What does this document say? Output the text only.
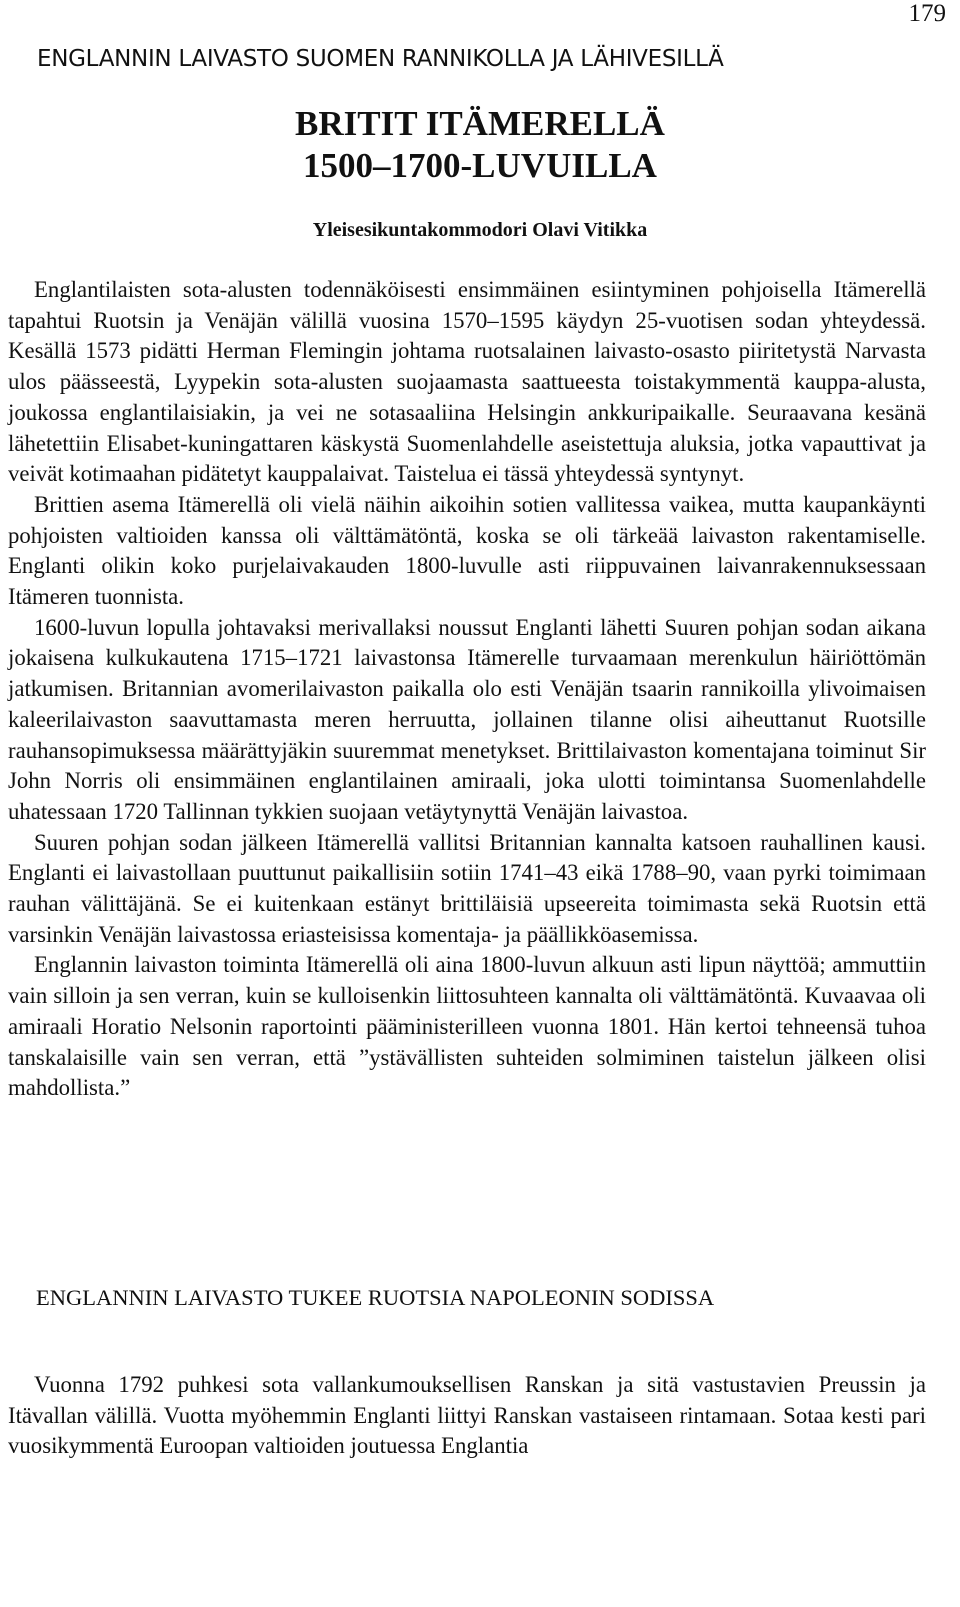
179
ENGLANNIN LAIVASTO SUOMEN RANNIKOLLA JA LÄHIVESILLÄ
BRITIT ITÄMERELLÄ
1500–1700-LUVUILLA
Yleisesikuntakommodori Olavi Vitikka

Englantilaisten sota-alusten todennäköisesti ensimmäinen esiintyminen pohjoisella Itämerellä tapahtui Ruotsin ja Venäjän välillä vuosina 1570–1595 käydyn 25-vuotisen sodan yhteydessä. Kesällä 1573 pidätti Herman Flemingin johtama ruotsalainen laivasto-osasto piiritetystä Narvasta ulos päässeestä, Lyypekin sota-alusten suojaamasta saattueesta toistakymmentä kauppa-alusta, joukossa englantilaisiakin, ja vei ne sotasaaliina Helsingin ankkuripaikalle. Seuraavana kesänä lähetettiin Elisabet-kuningattaren käskystä Suomenlahdelle aseistettuja aluksia, jotka vapauttivat ja veivät kotimaahan pidätetyt kauppalaivat. Taistelua ei tässä yhteydessä syntynyt.

Brittien asema Itämerellä oli vielä näihin aikoihin sotien vallitessa vaikea, mutta kaupankäynti pohjoisten valtioiden kanssa oli välttämätöntä, koska se oli tärkeää laivaston rakentamiselle. Englanti olikin koko purjelaivakauden 1800-luvulle asti riippuvainen laivanrakennuksessaan Itämeren tuonnista.

1600-luvun lopulla johtavaksi merivallaksi noussut Englanti lähetti Suuren pohjan sodan aikana jokaisena kulkukautena 1715–1721 laivastonsa Itämerelle turvaamaan merenkulun häiriöttömän jatkumisen. Britannian avomerilaivaston paikalla olo esti Venäjän tsaarin rannikoilla ylivoimaisen kaleerilaivaston saavuttamasta meren herruutta, jollainen tilanne olisi aiheuttanut Ruotsille rauhansopimuksessa määrättyjäkin suuremmat menetykset. Brittilaivaston komentajana toiminut Sir John Norris oli ensimmäinen englantilainen amiraali, joka ulotti toimintansa Suomenlahdelle uhatessaan 1720 Tallinnan tykkien suojaan vetäytynyttä Venäjän laivastoa.

Suuren pohjan sodan jälkeen Itämerellä vallitsi Britannian kannalta katsoen rauhallinen kausi. Englanti ei laivastollaan puuttunut paikallisiin sotiin 1741–43 eikä 1788–90, vaan pyrki toimimaan rauhan välittäjänä. Se ei kuitenkaan estänyt brittiläisiä upseereita toimimasta sekä Ruotsin että varsinkin Venäjän laivastossa eriasteisissa komentaja- ja päällikköasemissa.

Englannin laivaston toiminta Itämerellä oli aina 1800-luvun alkuun asti lipun näyttöä; ammuttiin vain silloin ja sen verran, kuin se kulloisenkin liittosuhteen kannalta oli välttämätöntä. Kuvaavaa oli amiraali Horatio Nelsonin raportointi pääministerilleen vuonna 1801. Hän kertoi tehneensä tuhoa tanskalaisille vain sen verran, että ”ystävällisten suhteiden solmiminen taistelun jälkeen olisi mahdollista.”

ENGLANNIN LAIVASTO TUKEE RUOTSIA NAPOLEONIN SODISSA

Vuonna 1792 puhkesi sota vallankumouksellisen Ranskan ja sitä vastustavien Preussin ja Itävallan välillä. Vuotta myöhemmin Englanti liittyi Ranskan vastaiseen rintamaan. Sotaa kesti pari vuosikymmentä Euroopan valtioiden joutuessa Englantia
